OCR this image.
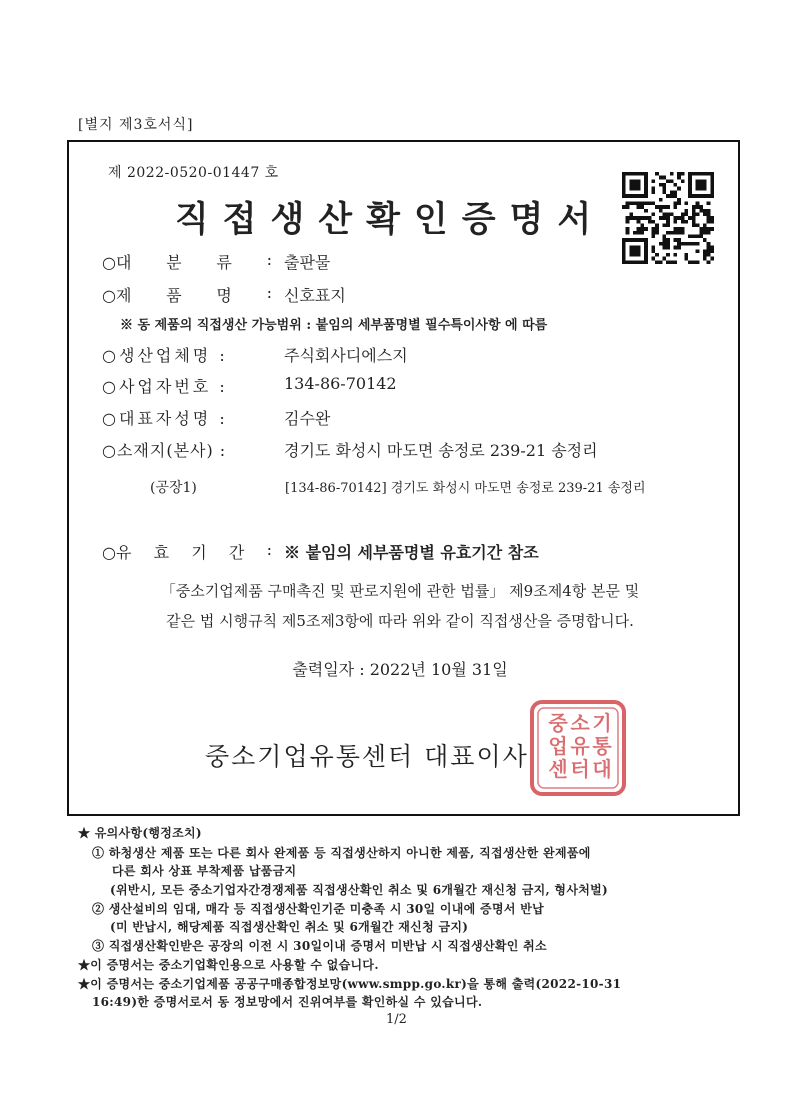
[별지 제3호서식]
제 2022-0520-01447 호
직접생산확인증명서
○대 분 류 : 출판물
○제 품 명 : 신호표지
※ 동 제품의 직접생산 가능범위 : 붙임의 세부품명별 필수특이사항 에 따름
○생산업체명 :	주식회사디에스지
○사업자번호 :	134-86-70142
○대표자성명 :	김수완
○소재지(본사) :	경기도 화성시 마도면 송정로 239-21 송정리
(공장1)	[134-86-70142] 경기도 화성시 마도면 송정로 239-21 송정리
○유 효 기 간 : ※ 붙임의 세부품명별 유효기간 참조
「중소기업제품 구매촉진 및 판로지원에 관한 법률」 제9조제4항 본문 및
같은 법 시행규칙 제5조제3항에 따라 위와 같이 직접생산을 증명합니다.
출력일자 : 2022년 10월 31일
중 소 기
업 유 통
센 터 대
중소기업유통센터 대표이사
★ 유의사항(행정조치)
① 하청생산 제품 또는 다른 회사 완제품 등 직접생산하지 아니한 제품, 직접생산한 완제품에
다른 회사 상표 부착제품 납품금지
(위반시, 모든 중소기업자간경쟁제품 직접생산확인 취소 및 6개월간 재신청 금지, 형사처벌)
② 생산설비의 임대, 매각 등 직접생산확인기준 미충족 시 30일 이내에 증명서 반납
(미 반납시, 해당제품 직접생산확인 취소 및 6개월간 재신청 금지)
③ 직접생산확인받은 공장의 이전 시 30일이내 증명서 미반납 시 직접생산확인 취소
★이 증명서는 중소기업확인용으로 사용할 수 없습니다.
★이 증명서는 중소기업제품 공공구매종합정보망(www.smpp.go.kr)을 통해 출력(2022-10-31
16:49)한 증명서로서 동 정보망에서 진위여부를 확인하실 수 있습니다.
1/2
